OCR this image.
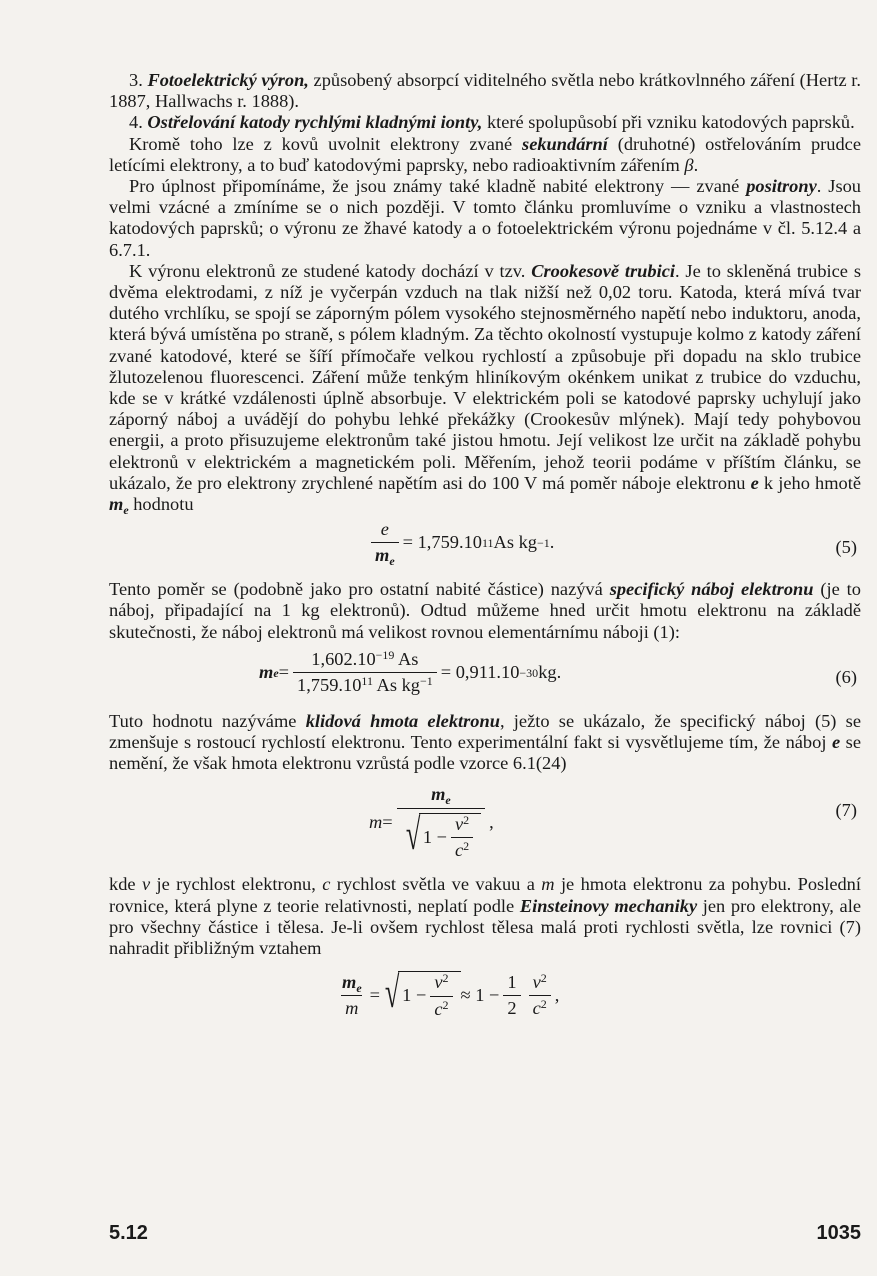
3. Fotoelektrický výron, způsobený absorpcí viditelného světla nebo krátkovlnného záření (Hertz r. 1887, Hallwachs r. 1888).

4. Ostřelování katody rychlými kladnými ionty, které spolupůsobí při vzniku katodových paprsků.

Kromě toho lze z kovů uvolnit elektrony zvané sekundární (druhotné) ostřelováním prudce letícími elektrony, a to buď katodovými paprsky, nebo radioaktivním zářením β.

Pro úplnost připomínáme, že jsou známy také kladně nabité elektrony — zvané positrony. Jsou velmi vzácné a zmíníme se o nich později. V tomto článku promluvíme o vzniku a vlastnostech katodových paprsků; o výronu ze žhavé katody a o fotoelektrickém výronu pojednáme v čl. 5.12.4 a 6.7.1.

K výronu elektronů ze studené katody dochází v tzv. Crookesově trubici. Je to skleněná trubice s dvěma elektrodami, z níž je vyčerpán vzduch na tlak nižší než 0,02 toru. Katoda, která mívá tvar dutého vrchlíku, se spojí se záporným pólem vysokého stejnosměrného napětí nebo induktoru, anoda, která bývá umístěna po straně, s pólem kladným. Za těchto okolností vystupuje kolmo z katody záření zvané katodové, které se šíří přímočaře velkou rychlostí a způsobuje při dopadu na sklo trubice žlutozelenou fluorescenci. Záření může tenkým hliníkovým okénkem unikat z trubice do vzduchu, kde se v krátké vzdálenosti úplně absorbuje. V elektrickém poli se katodové paprsky uchylují jako záporný náboj a uvádějí do pohybu lehké překážky (Crookesův mlýnek). Mají tedy pohybovou energii, a proto přisuzujeme elektronům také jistou hmotu. Její velikost lze určit na základě pohybu elektronů v elektrickém a magnetickém poli. Měřením, jehož teorii podáme v příštím článku, se ukázalo, že pro elektrony zrychlené napětím asi do 100 V má poměr náboje elektronu e k jeho hmotě $m_e$ hodnotu

$\frac{e}{m_e} = 1,759.10$ 11 As kg −1 .	(5)

Tento poměr se (podobně jako pro ostatní nabité částice) nazývá specifický náboj elektronu (je to náboj, připadající na 1 kg elektronů). Odtud můžeme hned určit hmotu elektronu na základě skutečnosti, že náboj elektronů má velikost rovnou elementárnímu náboji (1):

m $e = \frac{1,602.10^{-19} As}{1,759.10^{11} As kg^{-1}} = 0,911.10 -30$ kg.	(6)

Tuto hodnotu nazýváme klidová hmota elektronu, ježto se ukázalo, že specifický náboj (5) se zmenšuje s rostoucí rychlostí elektronu. Tento experimentální fakt si vysvětlujeme tím, že náboj e se nemění, že však hmota elektronu vzrůstá podle vzorce 6.1(24)

$m = \frac{m_e}{√ 1 - \frac{v^2}{c^2}}$ ,
(7)

kde v je rychlost elektronu, c rychlost světla ve vakuu a m je hmota elektronu za pohybu. Poslední rovnice, která plyne z teorie relativnosti, neplatí podle Einsteinovy mechaniky jen pro elektrony, ale pro všechny částice i tělesa. Je-li ovšem rychlost tělesa malá proti rychlosti světla, lze rovnici (7) nahradit přibližným vztahem

$\frac{m_e}{m}$ = √ $1 - \frac{v^2}{c^2} \approx 1 - \frac{1}{2} \frac{v^2}{c^2}$ ,
5.12	1035
